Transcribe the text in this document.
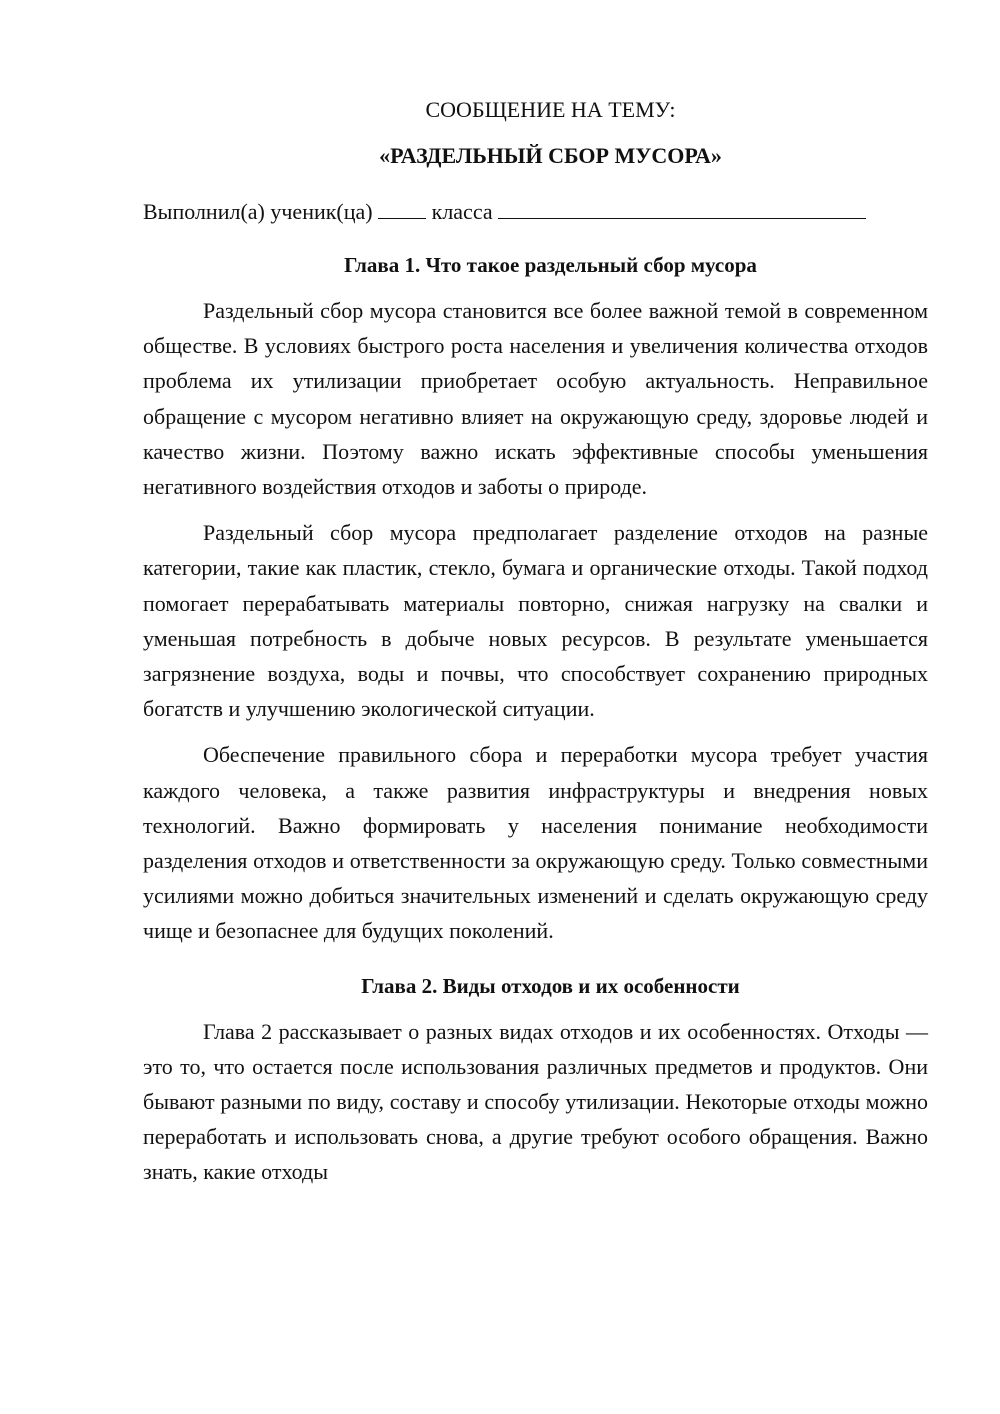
СООБЩЕНИЕ НА ТЕМУ:

«РАЗДЕЛЬНЫЙ СБОР МУСОРА»

Выполнил(а) ученик(ца)	класса
Глава 1. Что такое раздельный сбор мусора

Раздельный сбор мусора становится все более важной темой в современном обществе. В условиях быстрого роста населения и увеличения количества отходов проблема их утилизации приобретает особую актуальность. Неправильное обращение с мусором негативно влияет на окружающую среду, здоровье людей и качество жизни. Поэтому важно искать эффективные способы уменьшения негативного воздействия отходов и заботы о природе.

Раздельный сбор мусора предполагает разделение отходов на разные категории, такие как пластик, стекло, бумага и органические отходы. Такой подход помогает перерабатывать материалы повторно, снижая нагрузку на свалки и уменьшая потребность в добыче новых ресурсов. В результате уменьшается загрязнение воздуха, воды и почвы, что способствует сохранению природных богатств и улучшению экологической ситуации.

Обеспечение правильного сбора и переработки мусора требует участия каждого человека, а также развития инфраструктуры и внедрения новых технологий. Важно формировать у населения понимание необходимости разделения отходов и ответственности за окружающую среду. Только совместными усилиями можно добиться значительных изменений и сделать окружающую среду чище и безопаснее для будущих поколений.

Глава 2. Виды отходов и их особенности

Глава 2 рассказывает о разных видах отходов и их особенностях. Отходы — это то, что остается после использования различных предметов и продуктов. Они бывают разными по виду, составу и способу утилизации. Некоторые отходы можно переработать и использовать снова, а другие требуют особого обращения. Важно знать, какие отходы
